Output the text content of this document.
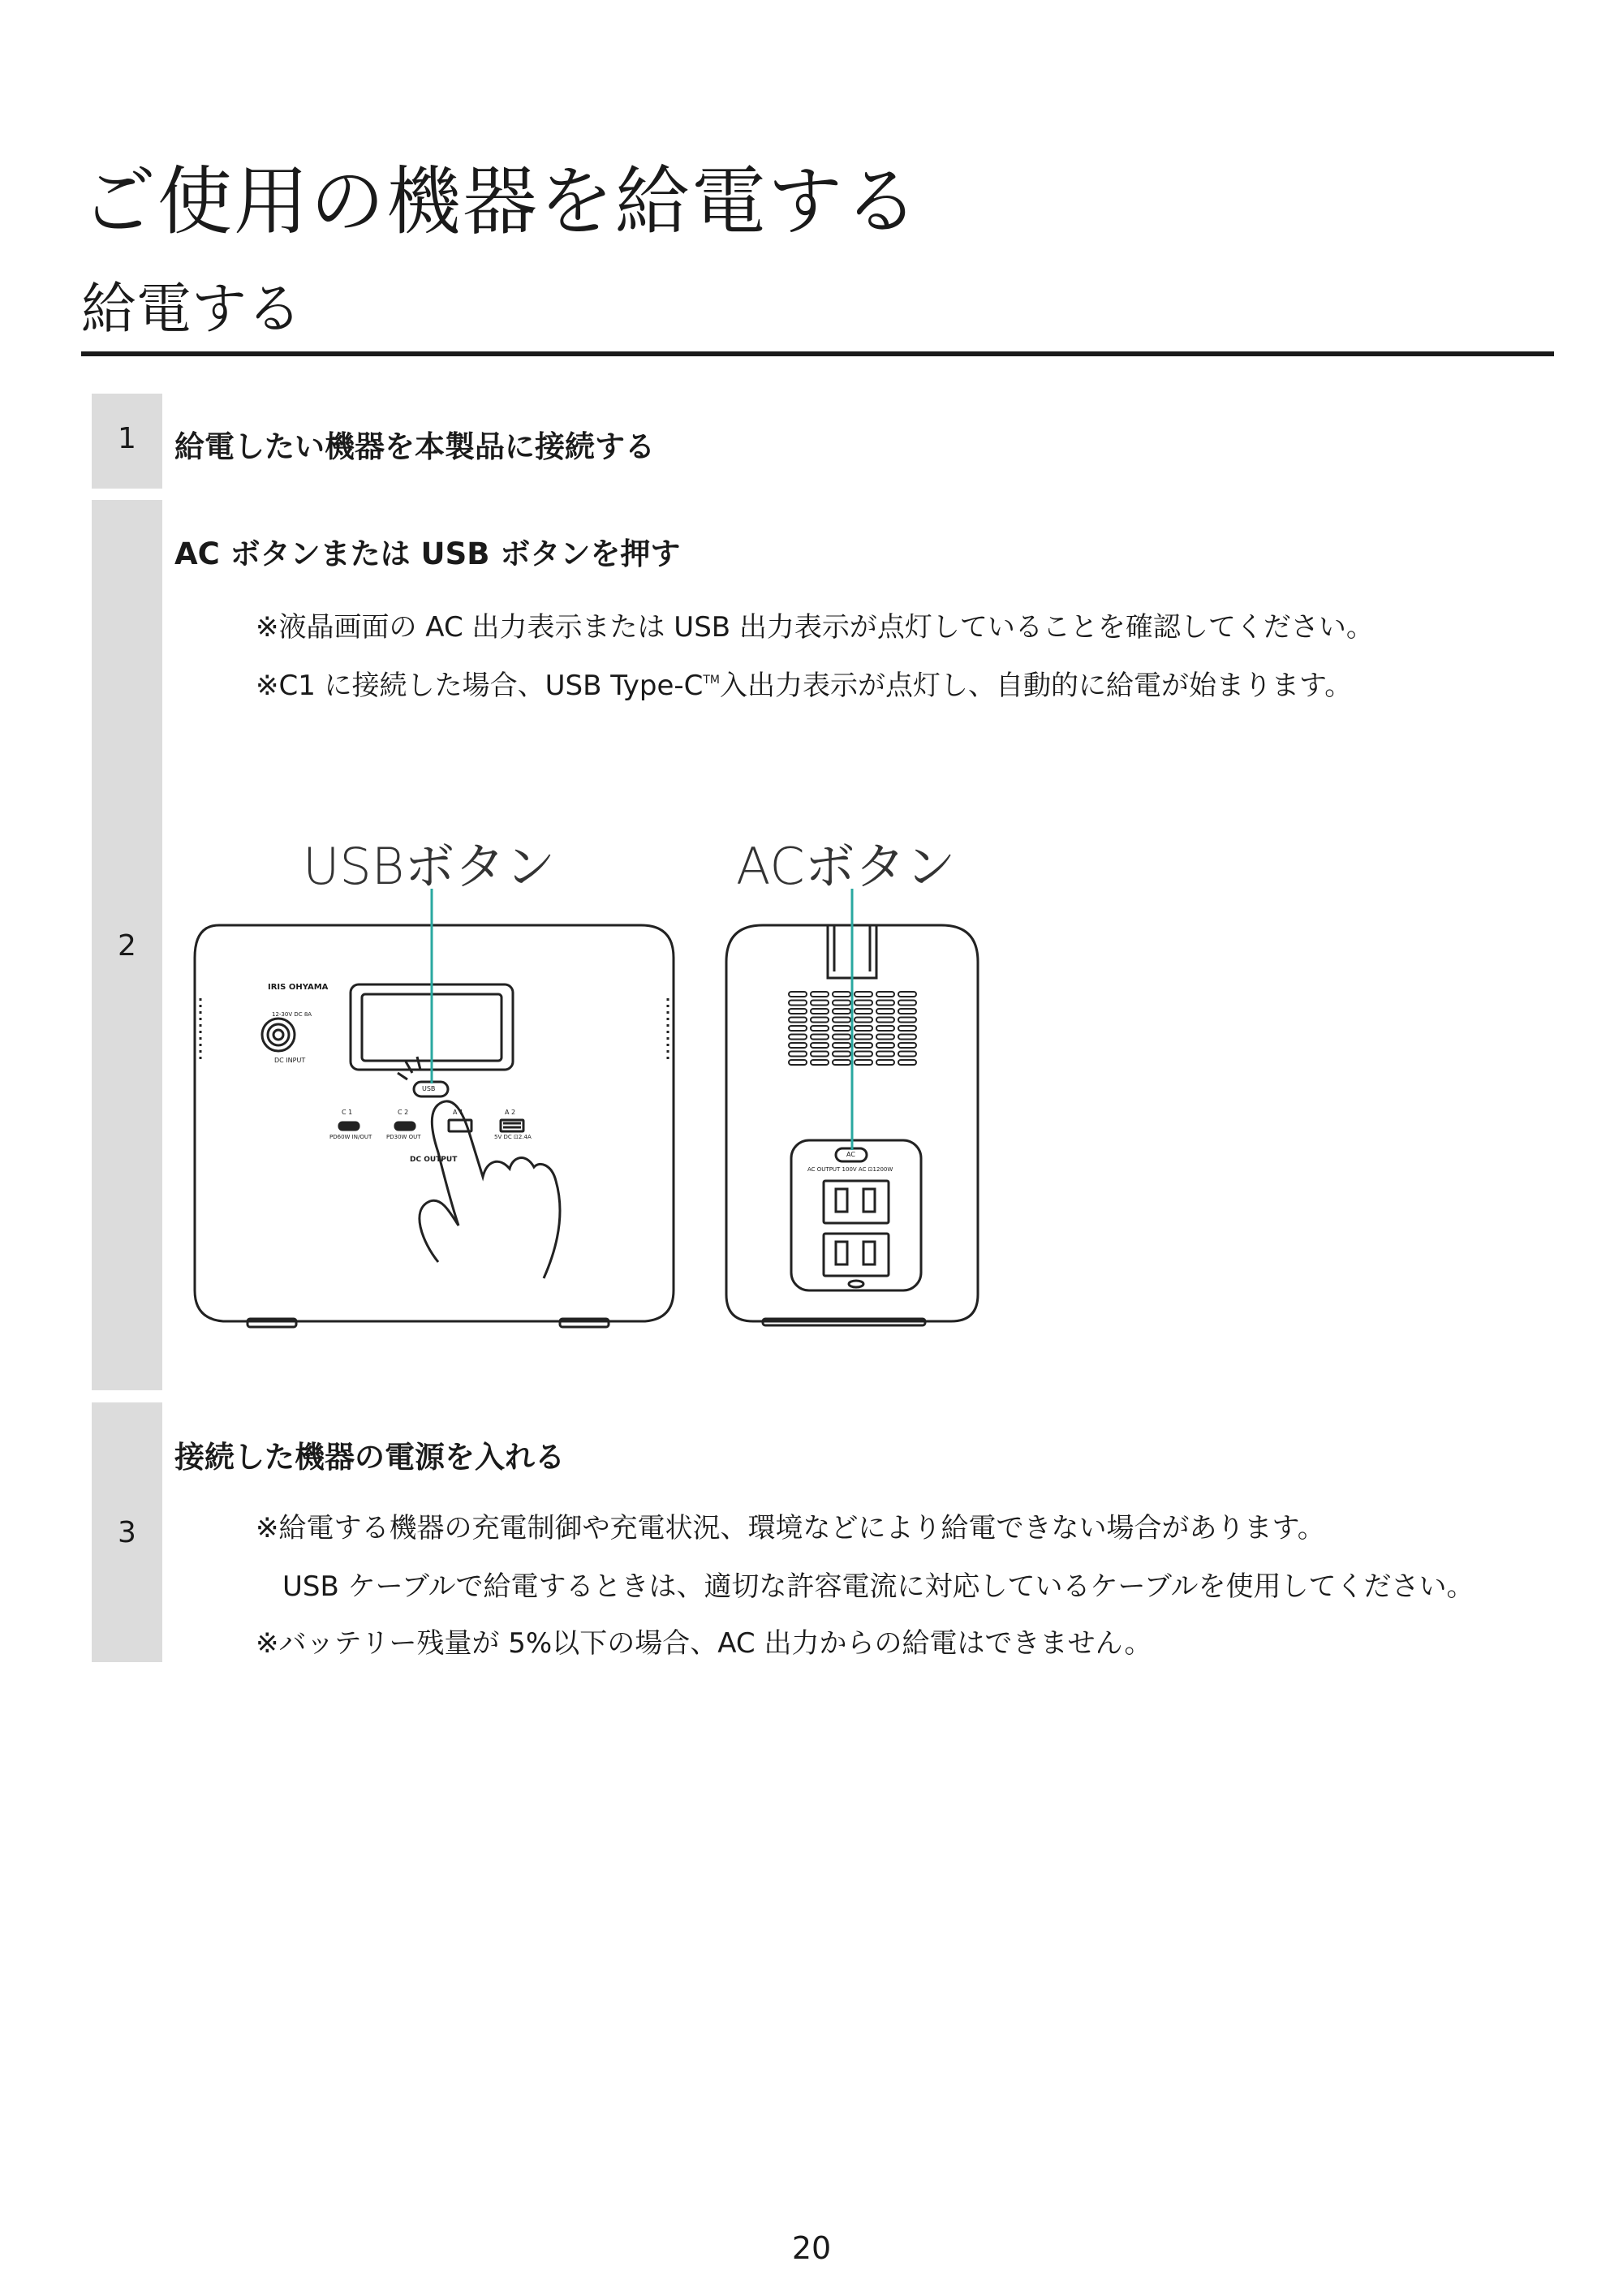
ご使用の機器を給電する
給電する
1	給電したい機器を本製品に接続する
2
AC ボタンまたは USB ボタンを押す
※液晶画面の AC 出力表示または USB 出力表示が点灯していることを確認してください。
※C1 に接続した場合、USB Type-C™入出力表示が点灯し、自動的に給電が始まります。
3
接続した機器の電源を入れる
※給電する機器の充電制御や充電状況、環境などにより給電できない場合があります。
USB ケーブルで給電するときは、適切な許容電流に対応しているケーブルを使用してください。
※バッテリー残量が 5%以下の場合、AC 出力からの給電はできません。
USBボタン	ACボタン
IRIS OHYAMA
12-30V DC 8A
DC INPUT
USB
C 1
PD60W IN/OUT
C 2
PD30W OUT
A 1	A 2
5V DC ⊡2.4A
DC OUTPUT
AC
AC OUTPUT 100V AC ⊡1200W
20
